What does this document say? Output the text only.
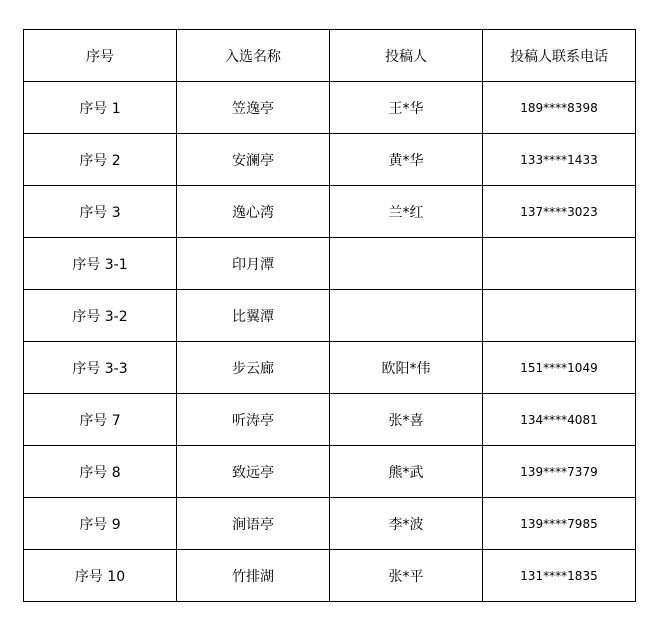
序号	入选名称	投稿人	投稿人联系电话
序号 1	笠逸亭	王*华	189****8398
序号 2	安澜亭	黄*华	133****1433
序号 3	逸心湾	兰*红	137****3023
序号 3-1	印月潭		
序号 3-2	比翼潭		
序号 3-3	步云廊	欧阳*伟	151****1049
序号 7	听涛亭	张*喜	134****4081
序号 8	致远亭	熊*武	139****7379
序号 9	涧语亭	李*波	139****7985
序号 10	竹排湖	张*平	131****1835
